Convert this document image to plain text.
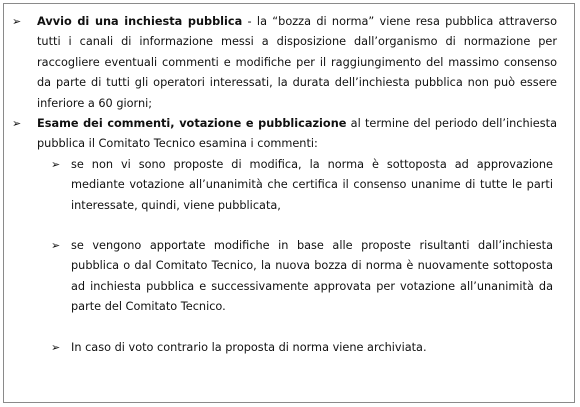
➢ Avvio di una inchiesta pubblica - la “bozza di norma” viene resa pubblica attraverso tutti i canali di informazione messi a disposizione dall’organismo di normazione per raccogliere eventuali commenti e modifiche per il raggiungimento del massimo consenso da parte di tutti gli operatori interessati, la durata dell’inchiesta pubblica non può essere inferiore a 60 giorni;
➢ Esame dei commenti, votazione e pubblicazione al termine del periodo dell’inchiesta pubblica il Comitato Tecnico esamina i commenti:
➢ se non vi sono proposte di modifica, la norma è sottoposta ad approvazione mediante votazione all’unanimità che certifica il consenso unanime di tutte le parti interessate, quindi, viene pubblicata,
➢ se vengono apportate modifiche in base alle proposte risultanti dall’inchiesta pubblica o dal Comitato Tecnico, la nuova bozza di norma è nuovamente sottoposta ad inchiesta pubblica e successivamente approvata per votazione all’unanimità da parte del Comitato Tecnico.
➢ In caso di voto contrario la proposta di norma viene archiviata.
